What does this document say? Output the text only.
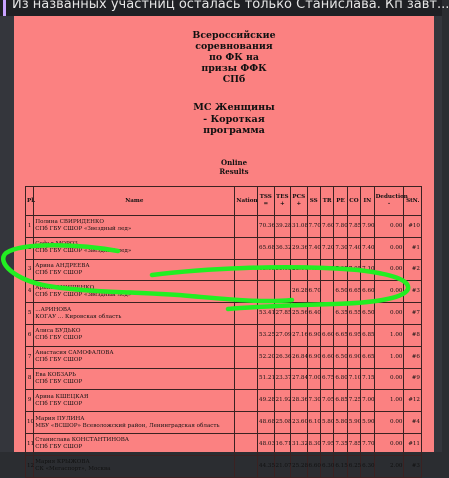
Из названных участниц осталась только Станислава. Кп завт...
Всероссийские
соревнования
по ФК на
призы ФФК
СПб
МС Женщины
- Короткая
программа
Online
Results
Pl.	Name	Nation	TSS =	TES +	PCS +	SS	TR	PE	CO	IN	Deduction -	StN.
1	Полина СВИРИДЕНКО
СПб ГБУ СШОР «Звездный лед»		70.36	39.28	31.08	7.70	7.60	7.80	7.85	7.90	0.00	#10
2	Софья МОРОЗ
СПб ГБУ СШОР «Звездный лед»		65.68	36.32	29.36	7.40	7.20	7.30	7.40	7.40	0.00	#1
3	Арина АНДРЕЕВА
СПб ГБУ СШОР		63.65	35.65	28.00	7.05	6.75	7.05	7.05	7.10	0.00	#2
4	Арина ОНИЩЕНКО
СПб ГБУ СШОР «Звездный лед»				26.28	6.70		6.50	6.65	6.60	0.00	#3
5	...АРИНОВА
КОГАУ ... Кировская область		53.41	27.85	25.56	6.40		6.35	6.55	6.50	0.00	#7
6	Алиса БУДЬКО
СПб ГБУ СШОР		53.25	27.09	27.16	6.90	6.60	6.65	6.95	6.85	1.00	#8
7	Анастасия САМОФАЛОВА
СПб ГБУ СШОР		52.20	26.36	26.84	6.90	6.60	6.50	6.90	6.65	1.00	#6
8	Ева КОБЗАРЬ
СПб ГБУ СШОР		51.21	23.37	27.84	7.00	6.75	6.80	7.10	7.15	0.00	#9
9	Арина КШЕЦКАЯ
СПб ГБУ СШОР		49.28	21.92	28.36	7.30	7.05	6.85	7.25	7.00	1.00	#12
10	Мария ПУЛИНА
МБУ «ВСШОР» Всеволожский район, Ленинградская область		48.68	25.08	23.60	6.10	5.80	5.80	5.90	5.90	0.00	#4
11	Станислава КОНСТАНТИНОВА
СПб ГБУ СШОР		48.03	16.71	31.32	8.30	7.95	7.35	7.85	7.70	0.00	#11
12	Мария КРЫЖОВА
СК «Мегаспорт», Москва		44.35	21.07	25.28	6.60	6.30	6.15	6.25	6.30	2.00	#3
